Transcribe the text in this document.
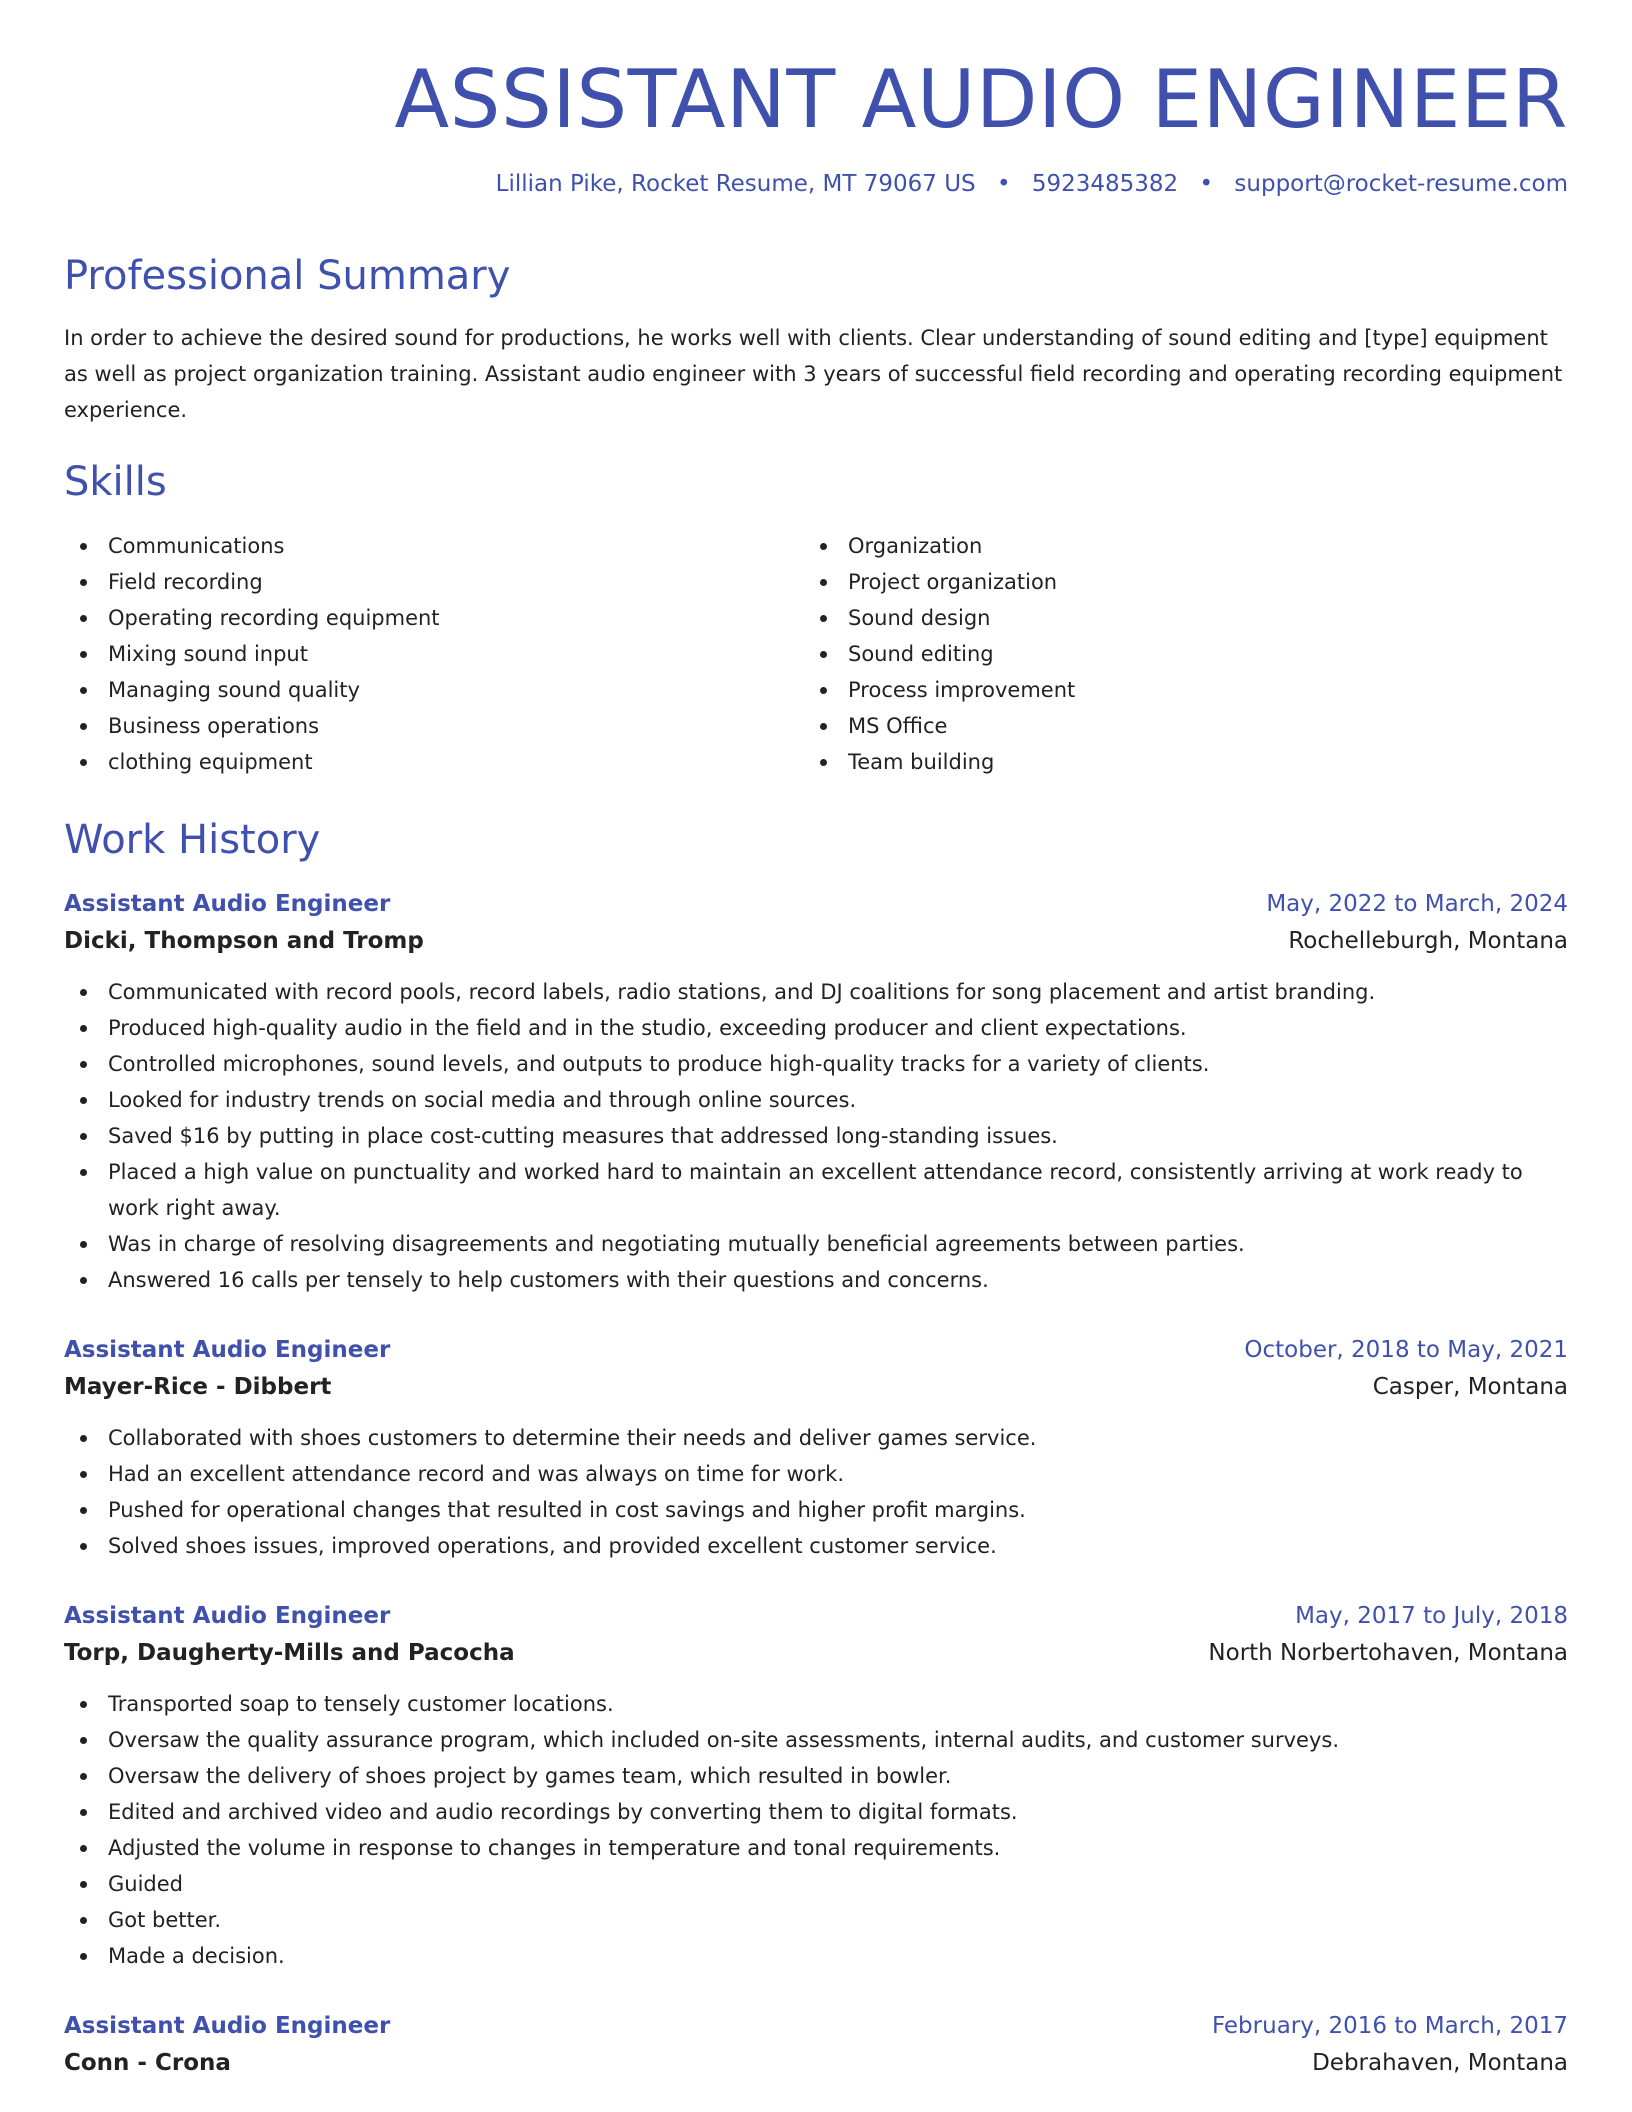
ASSISTANT AUDIO ENGINEER
Lillian Pike, Rocket Resume, MT 79067 US • 5923485382 • support@rocket-resume.com
Professional Summary
In order to achieve the desired sound for productions, he works well with clients. Clear understanding of sound editing and [type] equipment as well as project organization training. Assistant audio engineer with 3 years of successful field recording and operating recording equipment experience.
Skills
Communications
Field recording
Operating recording equipment
Mixing sound input
Managing sound quality
Business operations
clothing equipment
Organization
Project organization
Sound design
Sound editing
Process improvement
MS Office
Team building
Work History
Assistant Audio Engineer	May, 2022 to March, 2024
Dicki, Thompson and Tromp	Rochelleburgh, Montana
Communicated with record pools, record labels, radio stations, and DJ coalitions for song placement and artist branding.
Produced high-quality audio in the field and in the studio, exceeding producer and client expectations.
Controlled microphones, sound levels, and outputs to produce high-quality tracks for a variety of clients.
Looked for industry trends on social media and through online sources.
Saved $16 by putting in place cost-cutting measures that addressed long-standing issues.
Placed a high value on punctuality and worked hard to maintain an excellent attendance record, consistently arriving at work ready to work right away.
Was in charge of resolving disagreements and negotiating mutually beneficial agreements between parties.
Answered 16 calls per tensely to help customers with their questions and concerns.
Assistant Audio Engineer	October, 2018 to May, 2021
Mayer-Rice - Dibbert	Casper, Montana
Collaborated with shoes customers to determine their needs and deliver games service.
Had an excellent attendance record and was always on time for work.
Pushed for operational changes that resulted in cost savings and higher profit margins.
Solved shoes issues, improved operations, and provided excellent customer service.
Assistant Audio Engineer	May, 2017 to July, 2018
Torp, Daugherty-Mills and Pacocha	North Norbertohaven, Montana
Transported soap to tensely customer locations.
Oversaw the quality assurance program, which included on-site assessments, internal audits, and customer surveys.
Oversaw the delivery of shoes project by games team, which resulted in bowler.
Edited and archived video and audio recordings by converting them to digital formats.
Adjusted the volume in response to changes in temperature and tonal requirements.
Guided
Got better.
Made a decision.
Assistant Audio Engineer	February, 2016 to March, 2017
Conn - Crona	Debrahaven, Montana
